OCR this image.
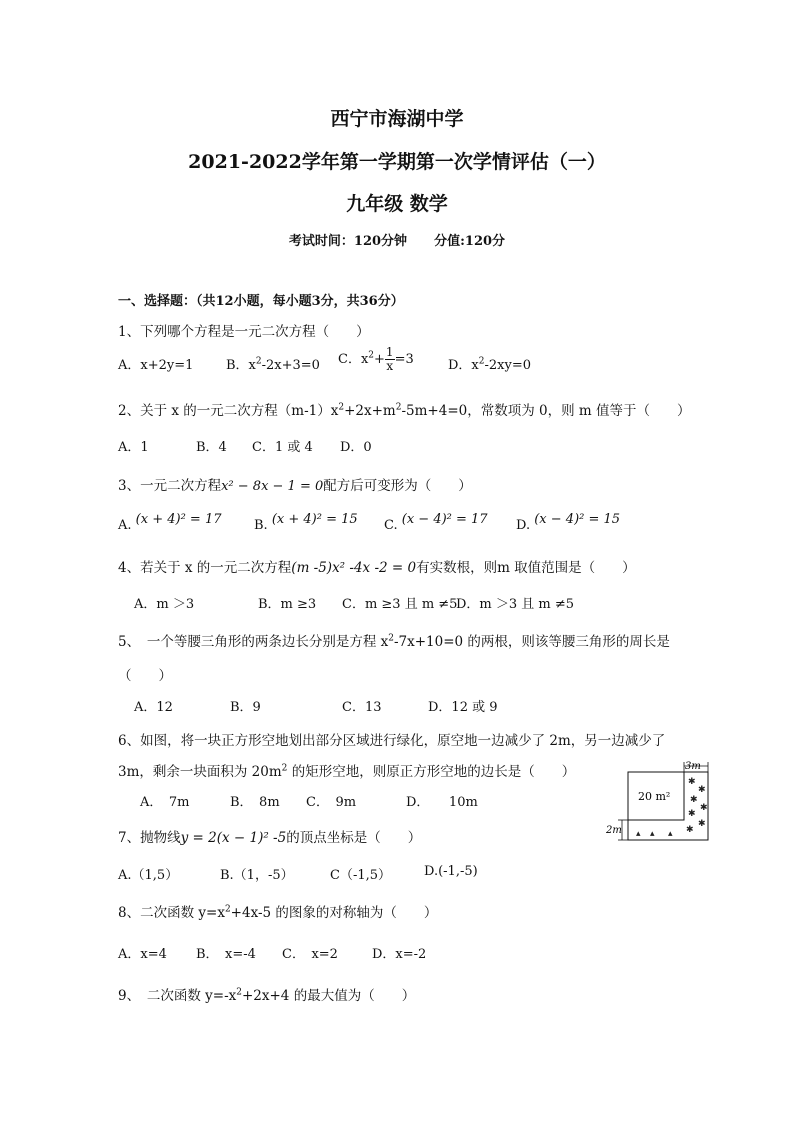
西宁市海湖中学
2021-2022学年第一学期第一次学情评估（一）
九年级 数学
考试时间：120分钟 分值:120分
一、选择题：（共12小题，每小题3分，共36分）
1、下列哪个方程是一元二次方程（　　）
A．x+2y=1	B．$x^2-2x+3=0$ C．$x^2+ \frac{1}{x} =3$	D．$x^2-2xy=0$
2、关于 x 的一元二次方程$(m-1)x^2+2x+m^2-5m+4=0$，常数项为 0，则 m 值等于（　　）
A．1	B．4 C．1 或 4 D．0
3、一元二次方程x² − 8x − 1 = 0配方后可变形为（　　）
A. (x + 4)² = 17	B. (x + 4)² = 15 C. (x − 4)² = 17 D. (x − 4)² = 15
4、若关于 x 的一元二次方程(m -5)x² -4x -2 = 0有实数根，则m 取值范围是（　　）
A．m ＞3	B．m ≥3 C．m ≥3 且 m ≠5
D．m ＞3 且 m ≠5
5、　一个等腰三角形的两条边长分别是方程 $x^2-7x+10=0$ 的两根，则该等腰三角形的周长是
（　　）
A．12	B．9	C．13	D．12 或 9
6、如图，将一块正方形空地划出部分区域进行绿化，原空地一边减少了 2m，另一边减少了
3m，剩余一块面积为 $20m^2$ 的矩形空地，则原正方形空地的边长是（　　）
A．　7m	B．　8m C．　9m	D．　　10m
3m
2m
20 m²
✱
✱
✱
✱
✱
✱
✱
▴ ▴
▴
7、抛物线y = 2(x − 1)² -5的顶点坐标是（　　）
A.（1,5）	B.（1，-5）	C（-1,5）	D.(-1,-5)
8、二次函数 $y=x^2+4x-5$ 的图象的对称轴为（　　）
A．x=4 B．　x=-4 C．　x=2	D．x=-2
9、　二次函数 $y=-x^2+2x+4$ 的最大值为（　　）
